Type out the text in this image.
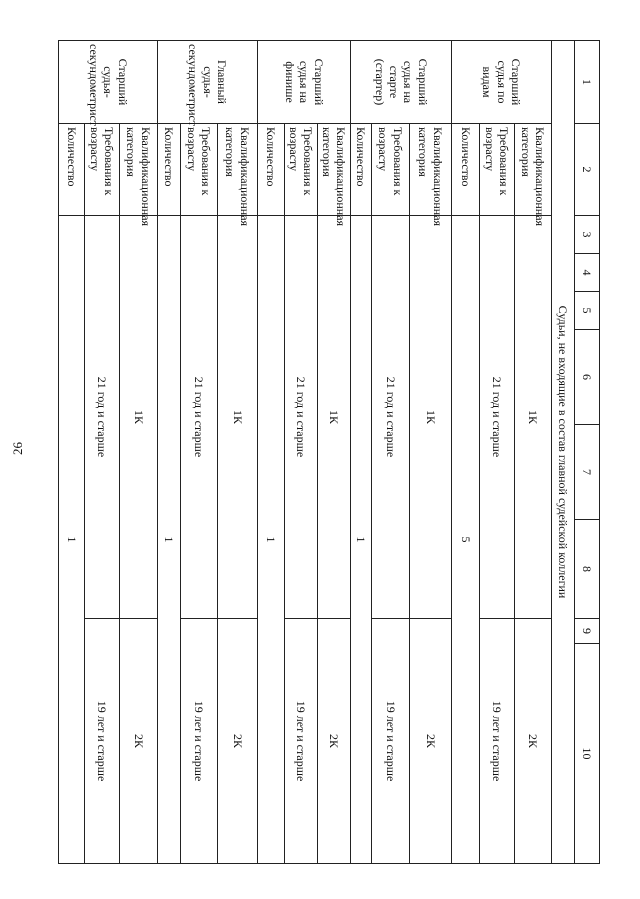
26
1	2	3	4	5	6	7	8	9	10
Судьи, не входящие в состав главной судейской коллегии									
Старший судья по видам	Квалификационная категория	1К						2К	
	Требования к возрасту	21 год и старше						19 лет и старше	
	Количество	5							
Старший судья на старте (стартер)	Квалификационная категория	1К						2К	
	Требования к возрасту	21 год и старше						19 лет и старше	
	Количество	1							
Старший судья на финише	Квалификационная категория	1К						2К	
	Требования к возрасту	21 год и старше						19 лет и старше	
	Количество	1							
Главный судья-секундометрист	Квалификационная категория	1К						2К	
	Требования к возрасту	21 год и старше						19 лет и старше	
	Количество	1							
Старший судья-секундометрист	Квалификационная категория	1К						2К	
	Требования к возрасту	21 год и старше						19 лет и старше	
	Количество	1							
